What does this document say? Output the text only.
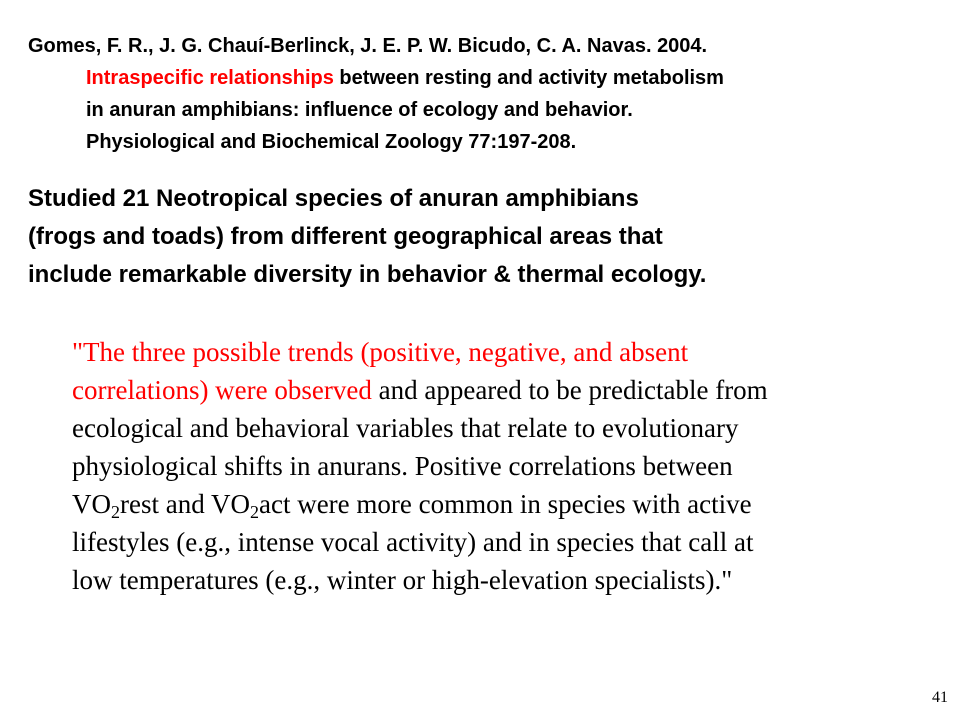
Gomes, F. R., J. G. Chauí-Berlinck, J. E. P. W. Bicudo, C. A. Navas. 2004.
Intraspecific relationships between resting and activity metabolism
in anuran amphibians: influence of ecology and behavior.
Physiological and Biochemical Zoology 77:197-208.
Studied 21 Neotropical species of anuran amphibians
(frogs and toads) from different geographical areas that
include remarkable diversity in behavior & thermal ecology.
"The three possible trends (positive, negative, and absent
correlations) were observed and appeared to be predictable from
ecological and behavioral variables that relate to evolutionary
physiological shifts in anurans. Positive correlations between
$VO_2rest$ and $VO_2act$ were more common in species with active
lifestyles (e.g., intense vocal activity) and in species that call at
low temperatures (e.g., winter or high-elevation specialists)."
41
